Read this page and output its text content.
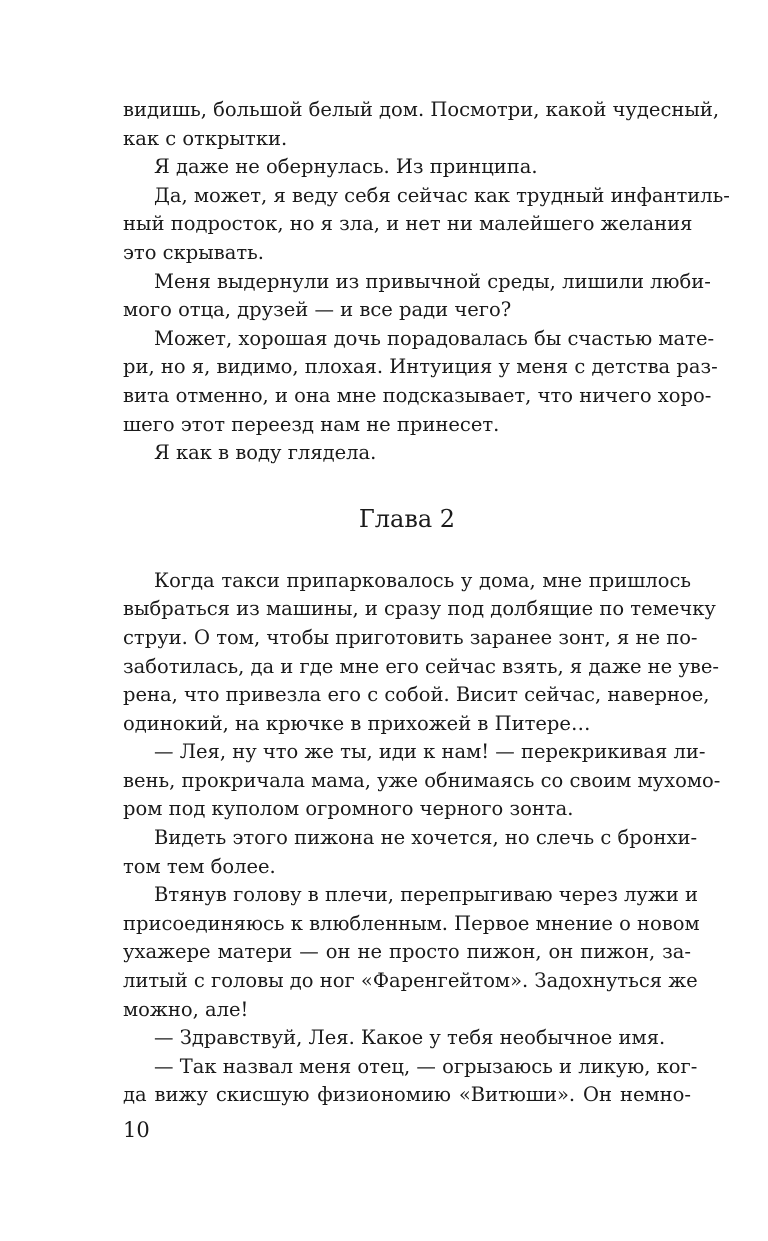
видишь, большой белый дом. Посмотри, какой чудесный,
как с открытки.
Я даже не обернулась. Из принципа.
Да, может, я веду себя сейчас как трудный инфантиль-
ный подросток, но я зла, и нет ни малейшего желания
это скрывать.
Меня выдернули из привычной среды, лишили люби-
мого отца, друзей — и все ради чего?
Может, хорошая дочь порадовалась бы счастью мате-
ри, но я, видимо, плохая. Интуиция у меня с детства раз-
вита отменно, и она мне подсказывает, что ничего хоро-
шего этот переезд нам не принесет.
Я как в воду глядела.
Глава 2
Когда такси припарковалось у дома, мне пришлось
выбраться из машины, и сразу под долбящие по темечку
струи. О том, чтобы приготовить заранее зонт, я не по-
заботилась, да и где мне его сейчас взять, я даже не уве-
рена, что привезла его с собой. Висит сейчас, наверное,
одинокий, на крючке в прихожей в Питере…
— Лея, ну что же ты, иди к нам! — перекрикивая ли-
вень, прокричала мама, уже обнимаясь со своим мухомо-
ром под куполом огромного черного зонта.
Видеть этого пижона не хочется, но слечь с бронхи-
том тем более.
Втянув голову в плечи, перепрыгиваю через лужи и
присоединяюсь к влюбленным. Первое мнение о новом
ухажере матери — он не просто пижон, он пижон, за-
литый с головы до ног «Фаренгейтом». Задохнуться же
можно, але!
— Здравствуй, Лея. Какое у тебя необычное имя.
— Так назвал меня отец, — огрызаюсь и ликую, ког-
да вижу скисшую физиономию «Витюши». Он немно-
10
